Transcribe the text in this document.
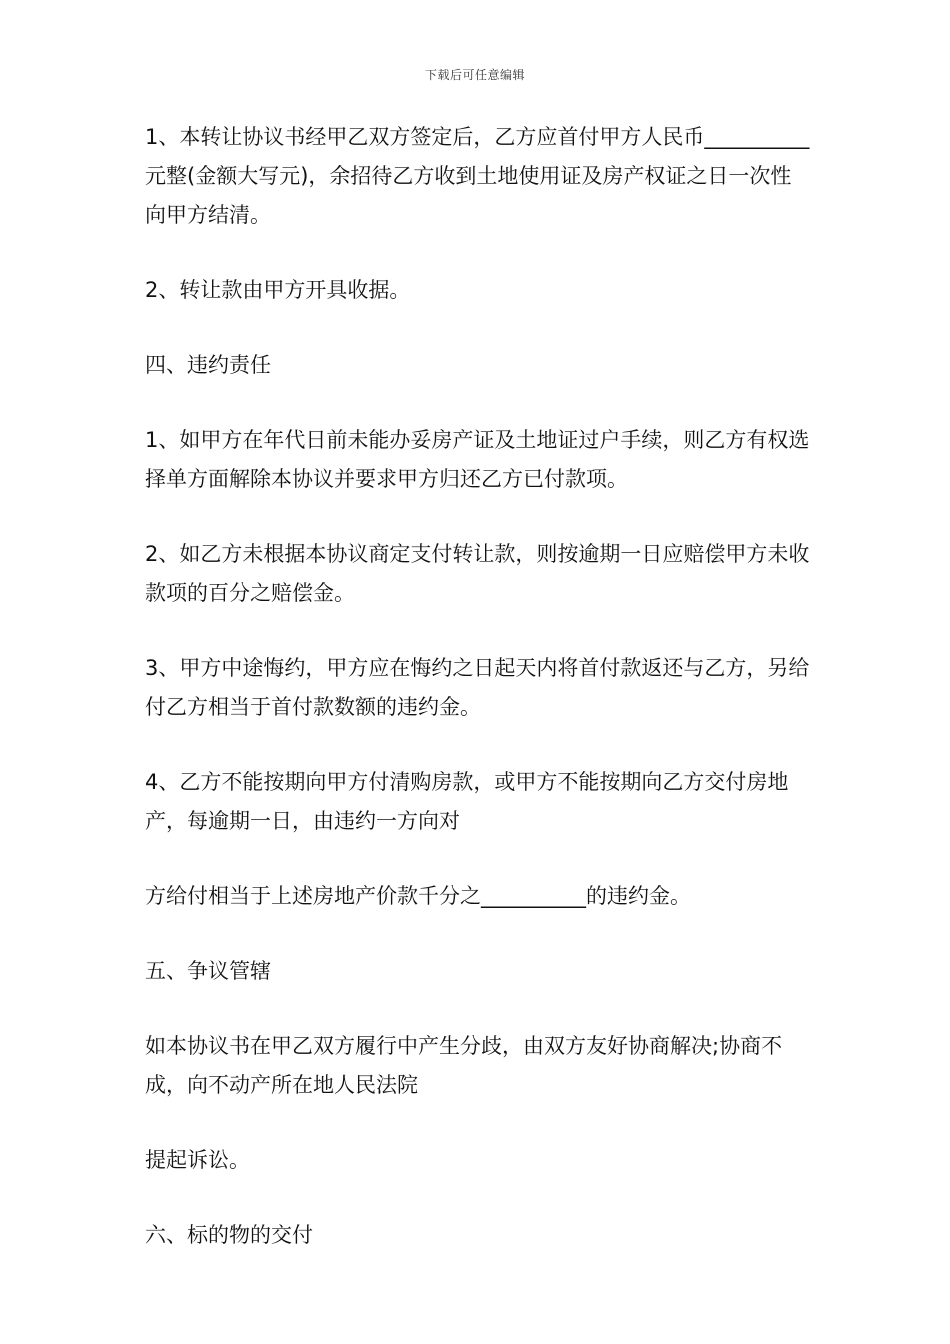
下载后可任意编辑

1、本转让协议书经甲乙双方签定后，乙方应首付甲方人民币__________元整(金额大写元)，余招待乙方收到土地使用证及房产权证之日一次性向甲方结清。

2、转让款由甲方开具收据。

四、违约责任

1、如甲方在年代日前未能办妥房产证及土地证过户手续，则乙方有权选择单方面解除本协议并要求甲方归还乙方已付款项。

2、如乙方未根据本协议商定支付转让款，则按逾期一日应赔偿甲方未收款项的百分之赔偿金。

3、甲方中途悔约，甲方应在悔约之日起天内将首付款返还与乙方，另给付乙方相当于首付款数额的违约金。

4、乙方不能按期向甲方付清购房款，或甲方不能按期向乙方交付房地产，每逾期一日，由违约一方向对

方给付相当于上述房地产价款千分之__________的违约金。

五、争议管辖

如本协议书在甲乙双方履行中产生分歧，由双方友好协商解决;协商不成，向不动产所在地人民法院

提起诉讼。

六、标的物的交付
